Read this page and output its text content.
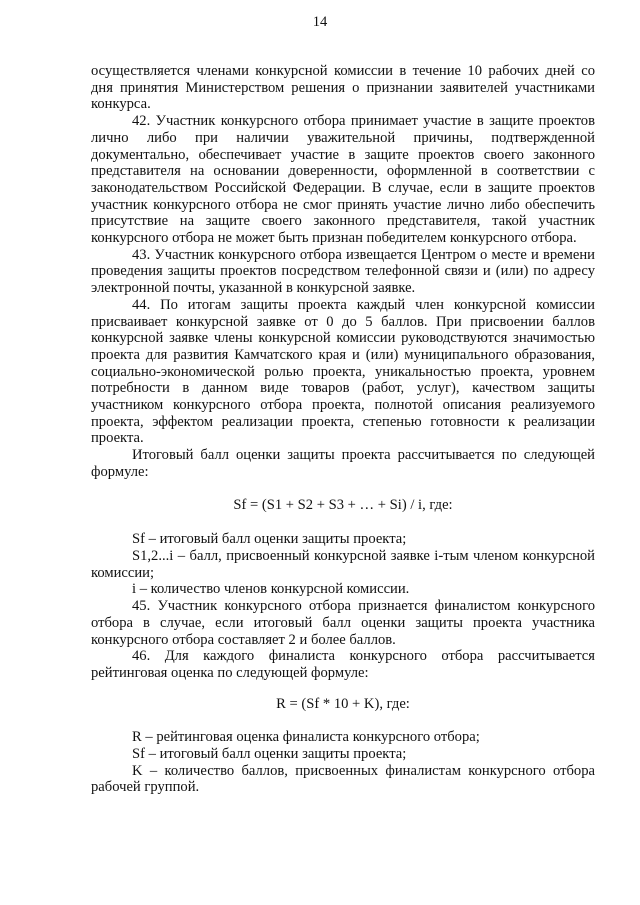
14

осуществляется членами конкурсной комиссии в течение 10 рабочих дней со дня принятия Министерством решения о признании заявителей участниками конкурса.

42. Участник конкурсного отбора принимает участие в защите проектов лично либо при наличии уважительной причины, подтвержденной документально, обеспечивает участие в защите проектов своего законного представителя на основании доверенности, оформленной в соответствии с законодательством Российской Федерации. В случае, если в защите проектов участник конкурсного отбора не смог принять участие лично либо обеспечить присутствие на защите своего законного представителя, такой участник конкурсного отбора не может быть признан победителем конкурсного отбора.

43. Участник конкурсного отбора извещается Центром о месте и времени проведения защиты проектов посредством телефонной связи и (или) по адресу электронной почты, указанной в конкурсной заявке.

44. По итогам защиты проекта каждый член конкурсной комиссии присваивает конкурсной заявке от 0 до 5 баллов. При присвоении баллов конкурсной заявке члены конкурсной комиссии руководствуются значимостью проекта для развития Камчатского края и (или) муниципального образования, социально-экономической ролью проекта, уникальностью проекта, уровнем потребности в данном виде товаров (работ, услуг), качеством защиты участником конкурсного отбора проекта, полнотой описания реализуемого проекта, эффектом реализации проекта, степенью готовности к реализации проекта.

Итоговый балл оценки защиты проекта рассчитывается по следующей формуле:

Sf = (S1 + S2 + S3 + … + Si) / i, где:

Sf – итоговый балл оценки защиты проекта;

S1,2...i – балл, присвоенный конкурсной заявке i-тым членом конкурсной комиссии;

i – количество членов конкурсной комиссии.

45. Участник конкурсного отбора признается финалистом конкурсного отбора в случае, если итоговый балл оценки защиты проекта участника конкурсного отбора составляет 2 и более баллов.

46. Для каждого финалиста конкурсного отбора рассчитывается рейтинговая оценка по следующей формуле:

R = (Sf * 10 + K), где:

R – рейтинговая оценка финалиста конкурсного отбора;

Sf – итоговый балл оценки защиты проекта;

K – количество баллов, присвоенных финалистам конкурсного отбора рабочей группой.
